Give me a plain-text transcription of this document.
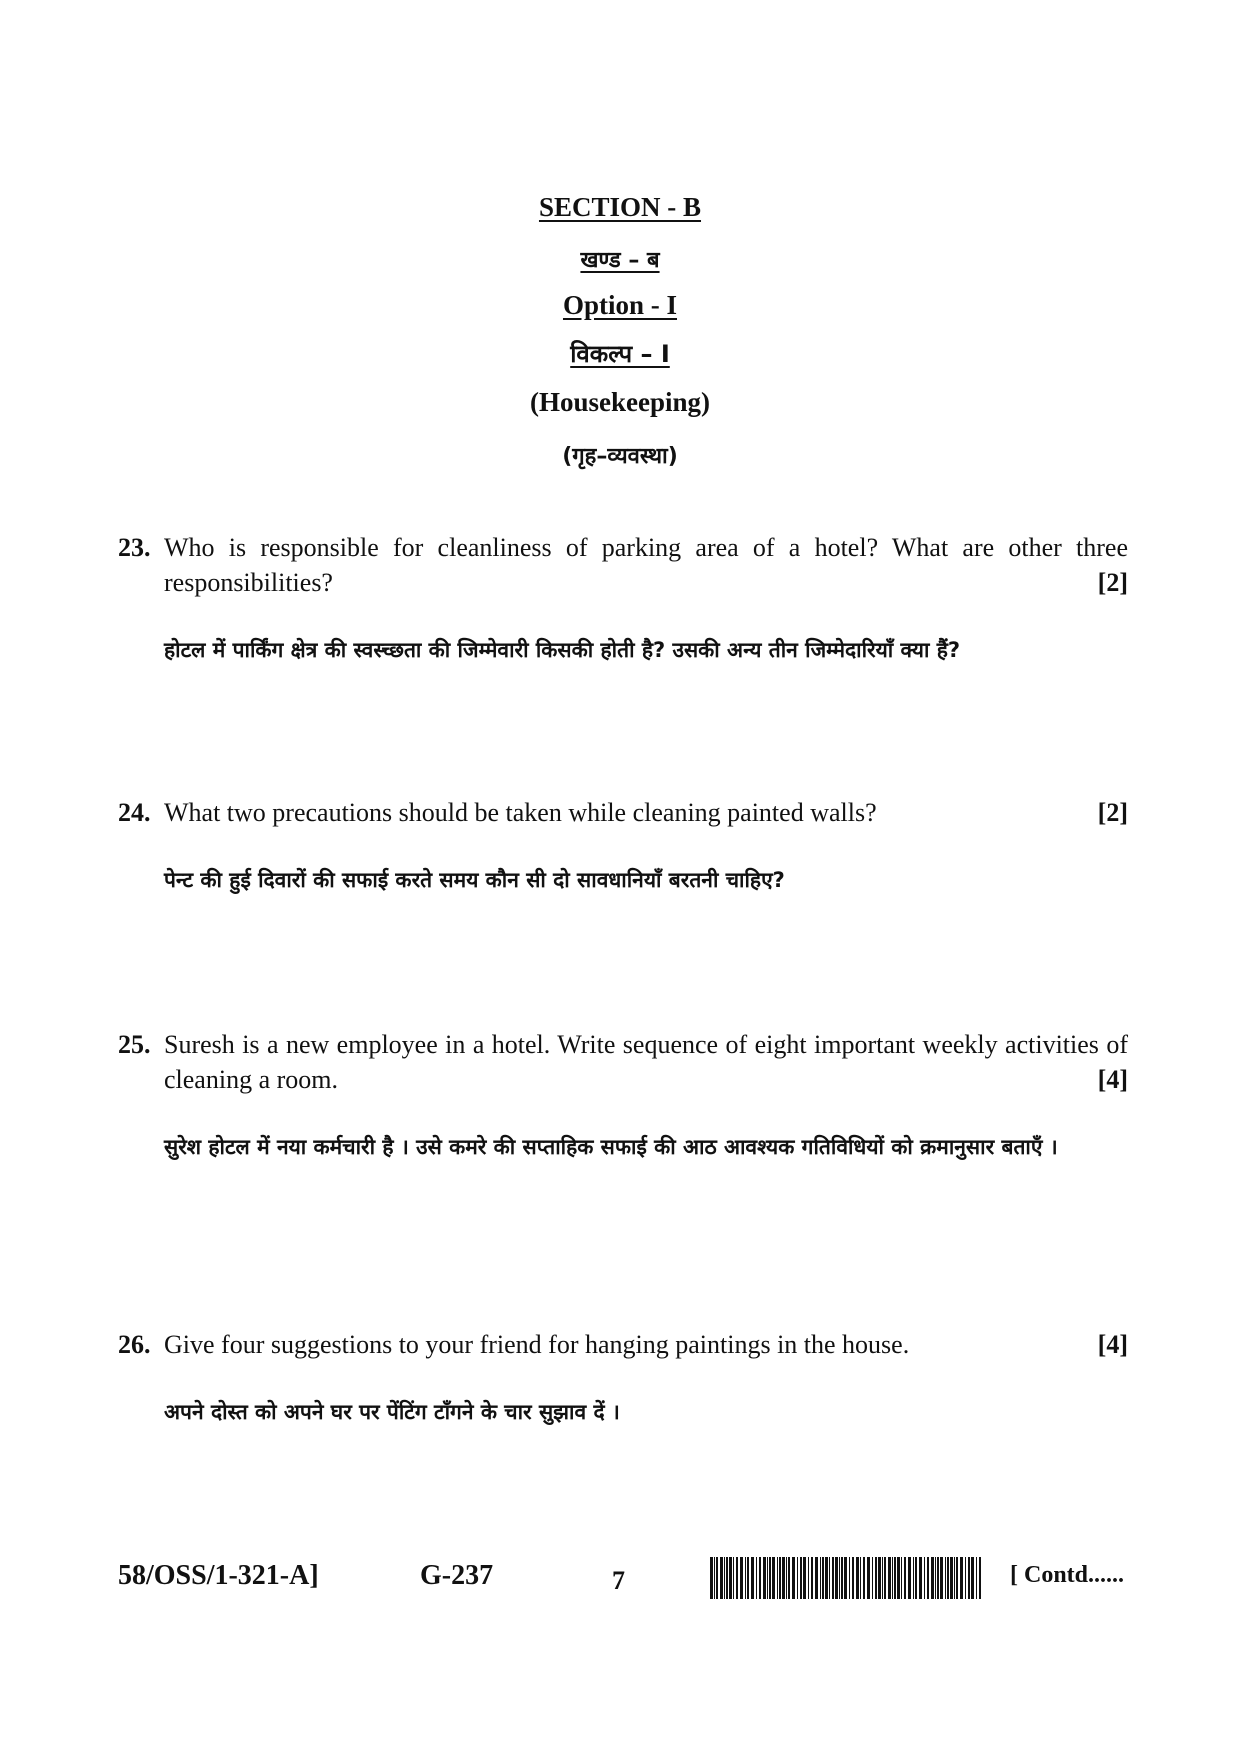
SECTION - B
खण्ड – ब
Option - I
विकल्प – I
(Housekeeping)
(गृह–व्यवस्था)
23. Who is responsible for cleanliness of parking area of a hotel? What are other three responsibilities?	[2]
होटल में पार्किंग क्षेत्र की स्वस्च्छता की जिम्मेवारी किसकी होती है? उसकी अन्य तीन जिम्मेदारियाँ क्या हैं?
24. What two precautions should be taken while cleaning painted walls?	[2]
पेन्ट की हुई दिवारों की सफाई करते समय कौन सी दो सावधानियाँ बरतनी चाहिए?
25. Suresh is a new employee in a hotel. Write sequence of eight important weekly activities of cleaning a room.	[4]
सुरेश होटल में नया कर्मचारी है । उसे कमरे की सप्ताहिक सफाई की आठ आवश्यक गतिविधियों को क्रमानुसार बताएँ ।
26. Give four suggestions to your friend for hanging paintings in the house.	[4]
अपने दोस्त को अपने घर पर पेंटिंग टाँगने के चार सुझाव दें ।
58/OSS/1-321-A]	G-237	7	[ Contd......
